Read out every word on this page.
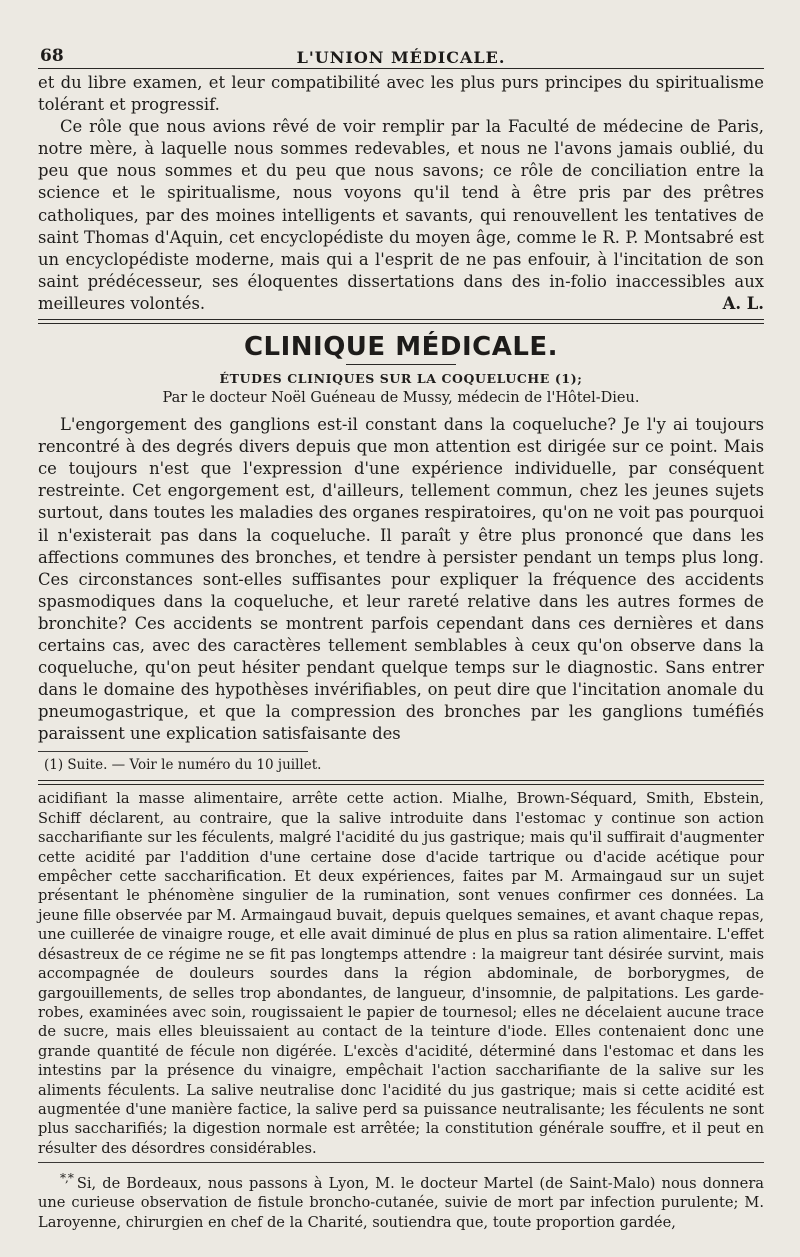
68	L'UNION MÉDICALE.

et du libre examen, et leur compatibilité avec les plus purs principes du spiritualisme tolérant et progressif.

Ce rôle que nous avions rêvé de voir remplir par la Faculté de médecine de Paris, notre mère, à laquelle nous sommes redevables, et nous ne l'avons jamais oublié, du peu que nous sommes et du peu que nous savons; ce rôle de conciliation entre la science et le spiritualisme, nous voyons qu'il tend à être pris par des prêtres catholiques, par des moines intelligents et savants, qui renouvellent les tentatives de saint Thomas d'Aquin, cet encyclopédiste du moyen âge, comme le R. P. Montsabré est un encyclopédiste moderne, mais qui a l'esprit de ne pas enfouir, à l'incitation de son saint prédécesseur, ses éloquentes dissertations dans des in-folio inaccessibles aux meilleures volontés.	A. L.

CLINIQUE MÉDICALE.
ÉTUDES CLINIQUES SUR LA COQUELUCHE (1);
Par le docteur Noël Guéneau de Mussy, médecin de l'Hôtel-Dieu.

L'engorgement des ganglions est-il constant dans la coqueluche? Je l'y ai toujours rencontré à des degrés divers depuis que mon attention est dirigée sur ce point. Mais ce toujours n'est que l'expression d'une expérience individuelle, par conséquent restreinte. Cet engorgement est, d'ailleurs, tellement commun, chez les jeunes sujets surtout, dans toutes les maladies des organes respiratoires, qu'on ne voit pas pourquoi il n'existerait pas dans la coqueluche. Il paraît y être plus prononcé que dans les affections communes des bronches, et tendre à persister pendant un temps plus long. Ces circonstances sont-elles suffisantes pour expliquer la fréquence des accidents spasmodiques dans la coqueluche, et leur rareté relative dans les autres formes de bronchite? Ces accidents se montrent parfois cependant dans ces dernières et dans certains cas, avec des caractères tellement semblables à ceux qu'on observe dans la coqueluche, qu'on peut hésiter pendant quelque temps sur le diagnostic. Sans entrer dans le domaine des hypothèses invérifiables, on peut dire que l'incitation anomale du pneumogastrique, et que la compression des bronches par les ganglions tuméfiés paraissent une explication satisfaisante des

(1) Suite. — Voir le numéro du 10 juillet.

acidifiant la masse alimentaire, arrête cette action. Mialhe, Brown-Séquard, Smith, Ebstein, Schiff déclarent, au contraire, que la salive introduite dans l'estomac y continue son action saccharifiante sur les féculents, malgré l'acidité du jus gastrique; mais qu'il suffirait d'augmenter cette acidité par l'addition d'une certaine dose d'acide tartrique ou d'acide acétique pour empêcher cette saccharification. Et deux expériences, faites par M. Armaingaud sur un sujet présentant le phénomène singulier de la rumination, sont venues confirmer ces données. La jeune fille observée par M. Armaingaud buvait, depuis quelques semaines, et avant chaque repas, une cuillerée de vinaigre rouge, et elle avait diminué de plus en plus sa ration alimentaire. L'effet désastreux de ce régime ne se fit pas longtemps attendre : la maigreur tant désirée survint, mais accompagnée de douleurs sourdes dans la région abdominale, de borborygmes, de gargouillements, de selles trop abondantes, de langueur, d'insomnie, de palpitations. Les garde-robes, examinées avec soin, rougissaient le papier de tournesol; elles ne décelaient aucune trace de sucre, mais elles bleuissaient au contact de la teinture d'iode. Elles contenaient donc une grande quantité de fécule non digérée. L'excès d'acidité, déterminé dans l'estomac et dans les intestins par la présence du vinaigre, empêchait l'action saccharifiante de la salive sur les aliments féculents. La salive neutralise donc l'acidité du jus gastrique; mais si cette acidité est augmentée d'une manière factice, la salive perd sa puissance neutralisante; les féculents ne sont plus saccharifiés; la digestion normale est arrêtée; la constitution générale souffre, et il peut en résulter des désordres considérables.

*,* Si, de Bordeaux, nous passons à Lyon, M. le docteur Martel (de Saint-Malo) nous donnera une curieuse observation de fistule broncho-cutanée, suivie de mort par infection purulente; M. Laroyenne, chirurgien en chef de la Charité, soutiendra que, toute proportion gardée,
